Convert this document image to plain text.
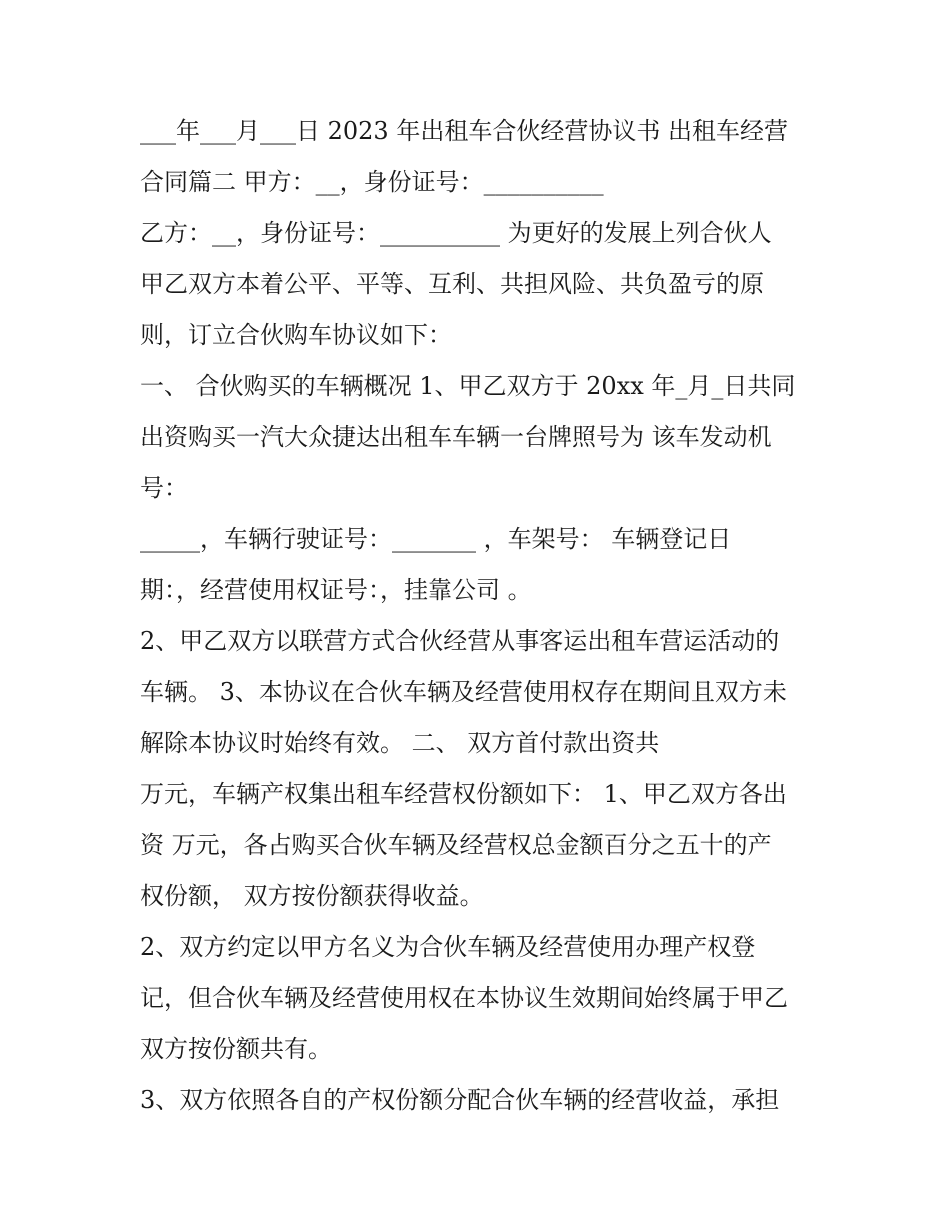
___年___月___日 2023 年出租车合伙经营协议书 出租车经营
合同篇二 甲方：__，身份证号：__________
乙方：__，身份证号：__________ 为更好的发展上列合伙人
甲乙双方本着公平、平等、互利、共担风险、共负盈亏的原
则，订立合伙购车协议如下：
一、 合伙购买的车辆概况 1、甲乙双方于 20xx 年_月_日共同
出资购买一汽大众捷达出租车车辆一台牌照号为 该车发动机
号：
_____，车辆行驶证号：_______ ，车架号： 车辆登记日
期：，经营使用权证号：，挂靠公司 。
2、甲乙双方以联营方式合伙经营从事客运出租车营运活动的
车辆。 3、本协议在合伙车辆及经营使用权存在期间且双方未
解除本协议时始终有效。 二、 双方首付款出资共
万元，车辆产权集出租车经营权份额如下： 1、甲乙双方各出
资 万元，各占购买合伙车辆及经营权总金额百分之五十的产
权份额， 双方按份额获得收益。
2、双方约定以甲方名义为合伙车辆及经营使用办理产权登
记，但合伙车辆及经营使用权在本协议生效期间始终属于甲乙
双方按份额共有。
3、双方依照各自的产权份额分配合伙车辆的经营收益，承担
